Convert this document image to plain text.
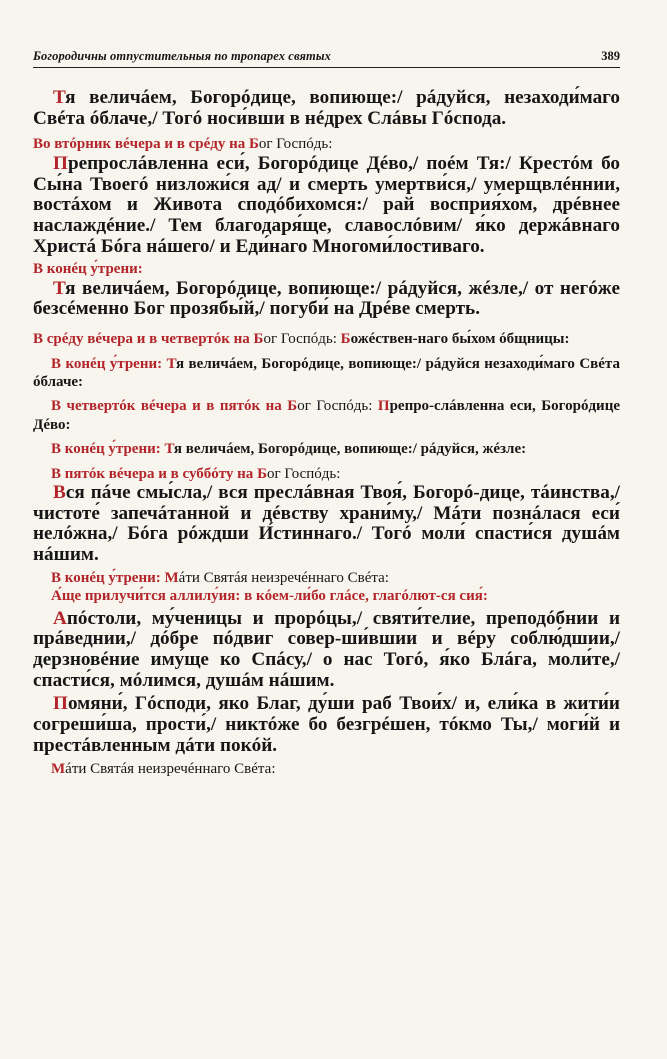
Богородичны отпустительныя по тропарех святых	389

Тя величáем, Богорóдице, вопиюще:/ рáдуйся, незаходи́маго Свéта óблаче,/ Тогó носи́вши в нéдрех Слáвы Гóспода.

Во втóрник вéчера и в срéду на Бог Госпóдь:

Препрослáвленна еси́, Богорóдице Дéво,/ поéм Тя:/ Крестóм бо Сы́на Твоегó низложи́ся ад/ и смерть умертви́ся,/ умерщвлéннии, востáхом и Живота сподóбихомся:/ рай восприя́хом, дрéвнее наслаждéние./ Тем благодаря́ще, славослóвим/ я́ко держáвнаго Христá Бóга нáшего/ и Еди́наго Многоми́лостиваго.

В конéц у́трени:

Тя величáем, Богорóдице, вопиюще:/ рáдуйся, жéзле,/ от негóже безсéменно Бог прозябы́й,/ погуби́ на Дрéве смерть.

В срéду вéчера и в четвертóк на Бог Госпóдь: Божéствен-нагo бы́хом óбщницы:

В конéц у́трени: Тя величáем, Богорóдице, вопиюще:/ рáдуйся незаходи́маго Свéта óблаче:

В четвертóк вéчера и в пятóк на Бог Госпóдь: Препро-слáвленна еси, Богорóдице Дéво:

В конéц у́трени: Тя величáем, Богорóдице, вопиюще:/ рáдуйся, жéзле:

В пятóк вéчера и в суббóту на Бог Госпóдь:

Вся пáче смы́сла,/ вся преслáвная Твоя́, Богорó-дице, тáинства,/ чистоте́ запечáтанной и дéвству храни́му,/ Мáти познáлася еси́ нелóжна,/ Бóга рóждши И́стиннаго./ Тогó моли́ спасти́ся душáм нáшим.

В конéц у́трени: Мáти Святáя неизречéннаго Свéта:

А́ще прилучи́тся аллилу́ия: в кóем-ли́бо глáсе, глагóлют-ся сия́:

Апóстоли, му́ченицы и прорóцы,/ святи́телие, преподóбнии и прáведнии,/ дóбре пóдвиг совер-ши́вшии и вéру соблю́дшии,/ дерзновéние иму́ще ко Спáсу,/ о нас Тогó, я́ко Блáга, моли́те,/ спасти́ся, мóлимся, душáм нáшим.

Помяни́, Гóсподи, яко Благ, ду́ши раб Твои́х/ и, ели́ка в жити́и согреши́ша, прости́,/ никтóже бо безгрéшен, тóкмо Ты,/ моги́й и престáвленным дáти покóй.

Мáти Святáя неизречéннаго Свéта:
